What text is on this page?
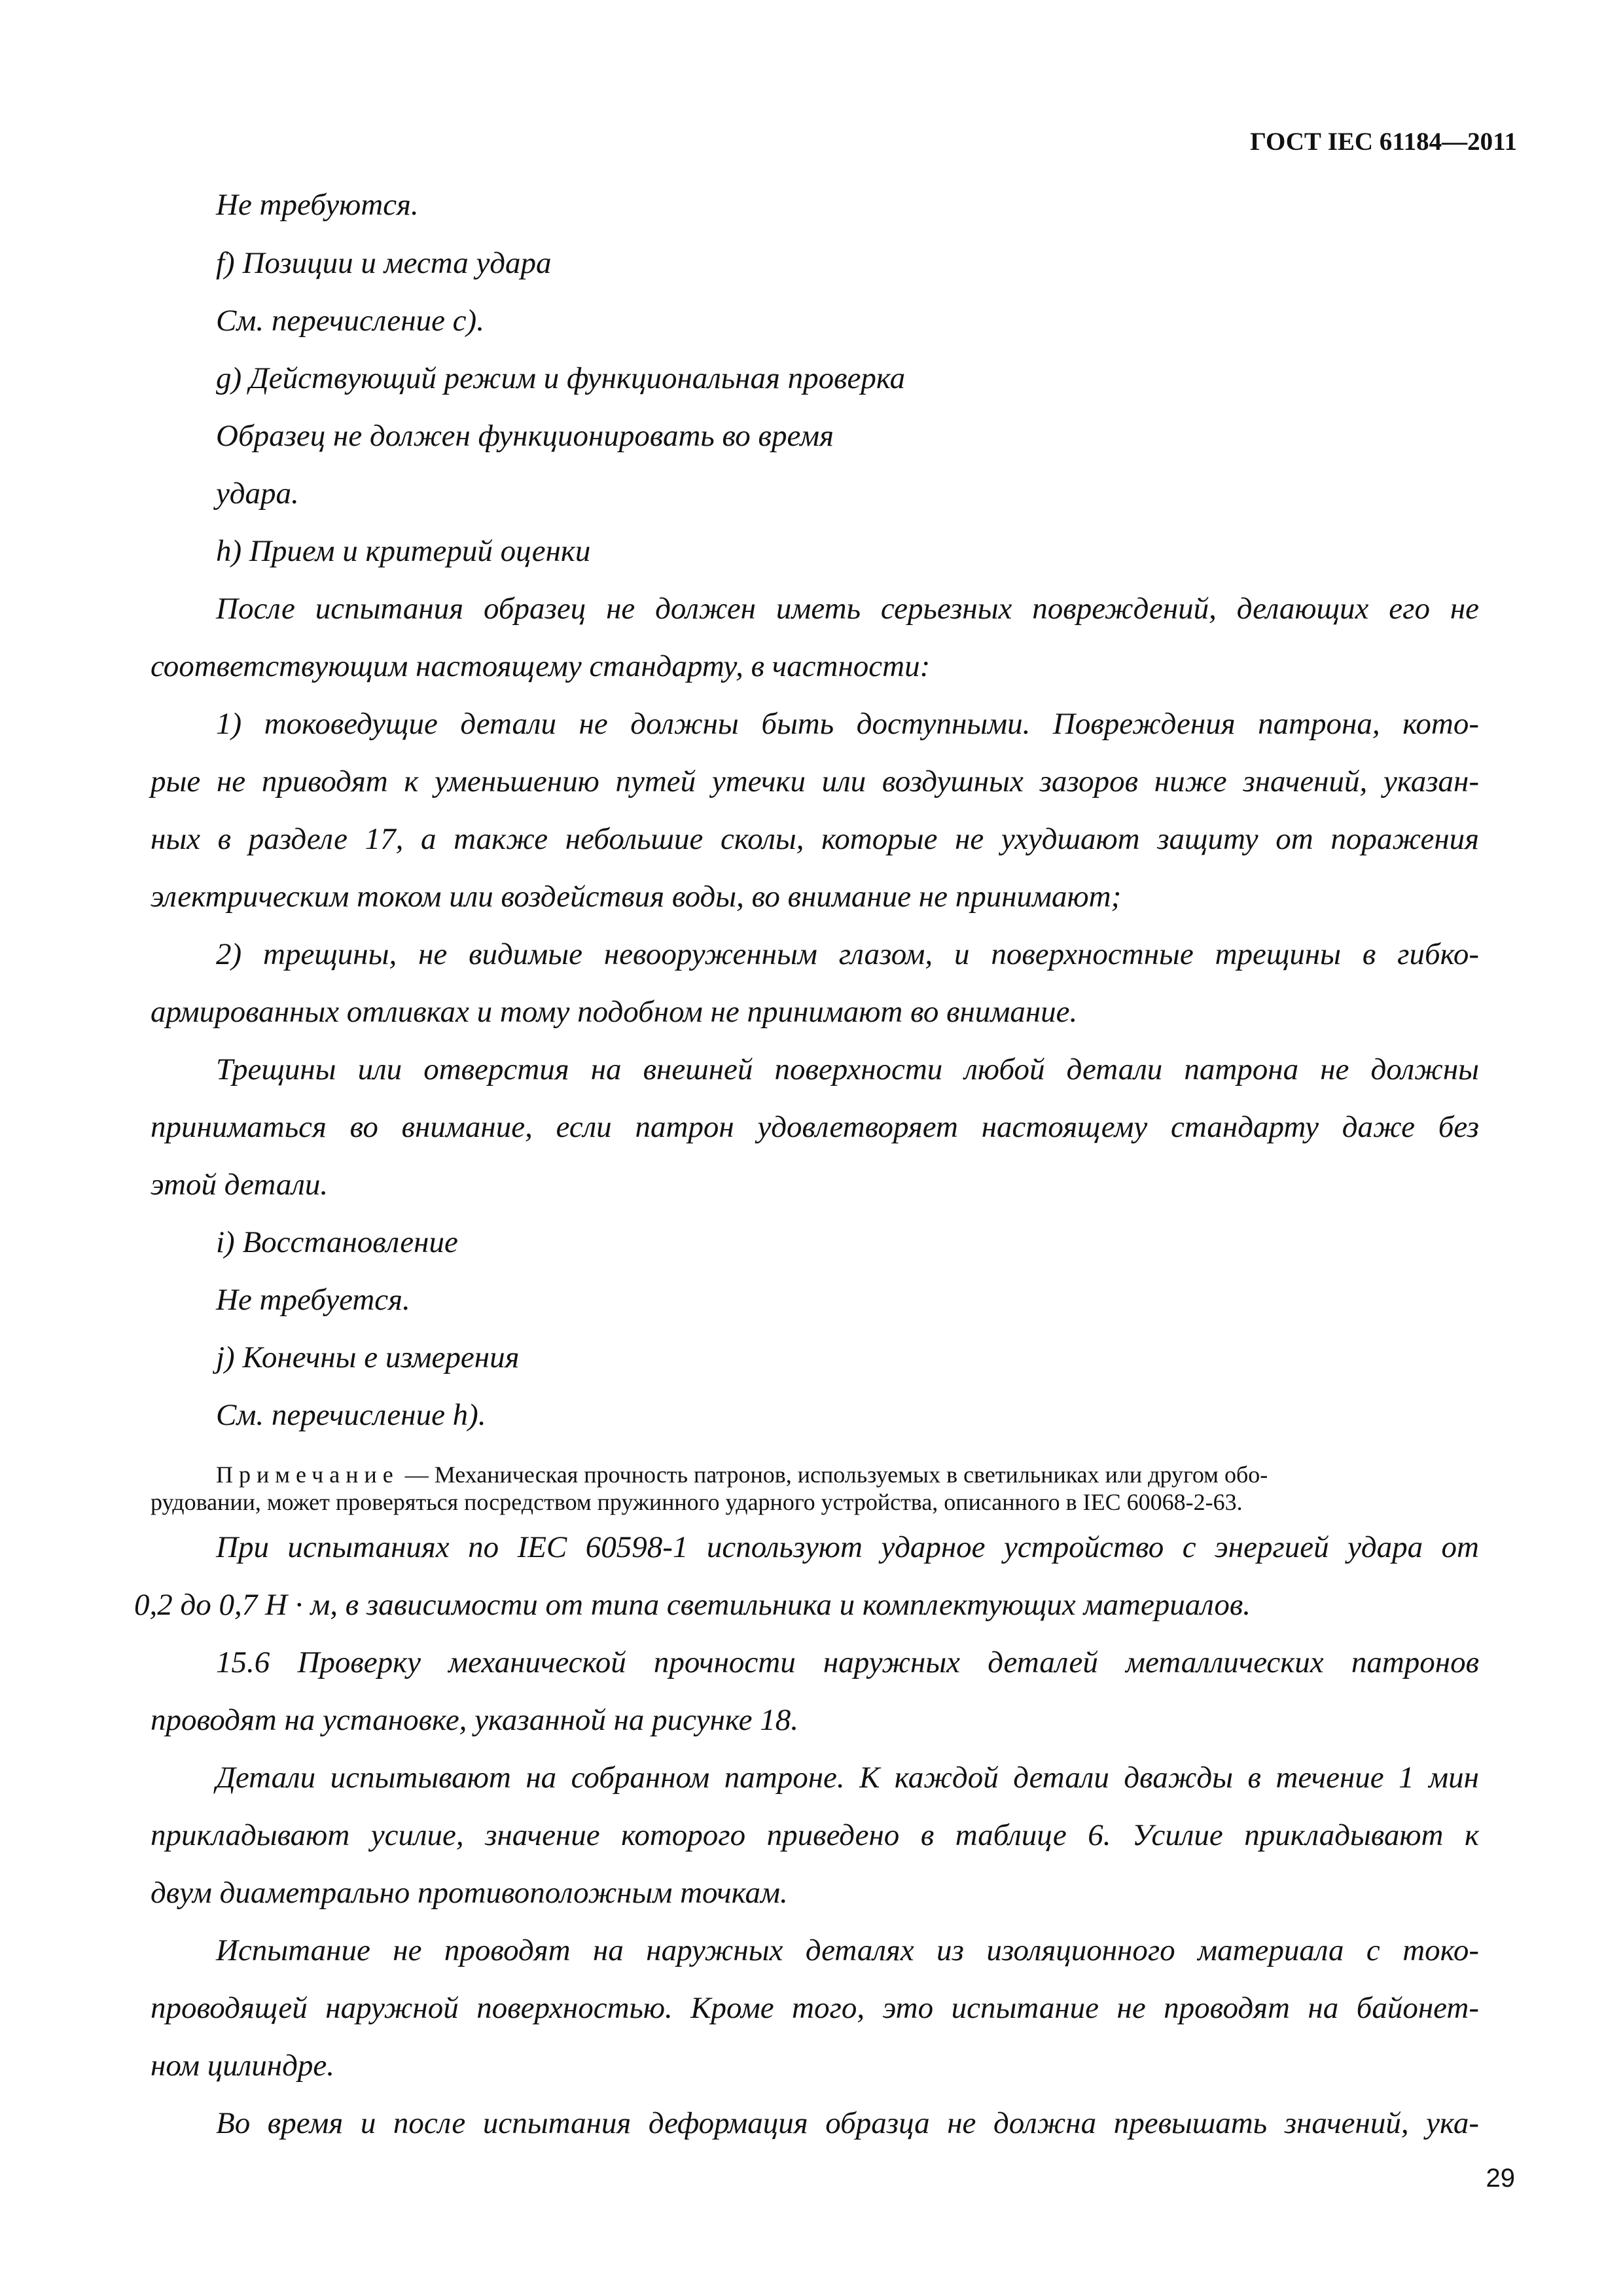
ГОСТ IEC 61184—2011
Не требуются.
f) Позиции и места удара
См. перечисление с).
g) Действующий режим и функциональная проверка
Образец не должен функционировать во время
удара.
h) Прием и критерий оценки
После испытания образец не должен иметь серьезных повреждений, делающих его не
соответствующим настоящему стандарту, в частности:
1) токоведущие детали не должны быть доступными. Повреждения патрона, кото-
рые не приводят к уменьшению путей утечки или воздушных зазоров ниже значений, указан-
ных в разделе 17, а также небольшие сколы, которые не ухудшают защиту от поражения
электрическим током или воздействия воды, во внимание не принимают;
2) трещины, не видимые невооруженным глазом, и поверхностные трещины в гибко-
армированных отливках и тому подобном не принимают во внимание.
Трещины или отверстия на внешней поверхности любой детали патрона не должны
приниматься во внимание, если патрон удовлетворяет настоящему стандарту даже без
этой детали.
i) Восстановление
Не требуется.
j) Конечны е измерения
См. перечисление h).
Примечание — Механическая прочность патронов, используемых в светильниках или другом обо-
рудовании, может проверяться посредством пружинного ударного устройства, описанного в IEC 60068-2-63.
При испытаниях по IEC 60598-1 используют ударное устройство с энергией удара от
0,2 до 0,7 Н · м, в зависимости от типа светильника и комплектующих материалов.
15.6 Проверку механической прочности наружных деталей металлических патронов
проводят на установке, указанной на рисунке 18.
Детали испытывают на собранном патроне. К каждой детали дважды в течение 1 мин
прикладывают усилие, значение которого приведено в таблице 6. Усилие прикладывают к
двум диаметрально противоположным точкам.
Испытание не проводят на наружных деталях из изоляционного материала с токо-
проводящей наружной поверхностью. Кроме того, это испытание не проводят на байонет-
ном цилиндре.
Во время и после испытания деформация образца не должна превышать значений, ука-
29
